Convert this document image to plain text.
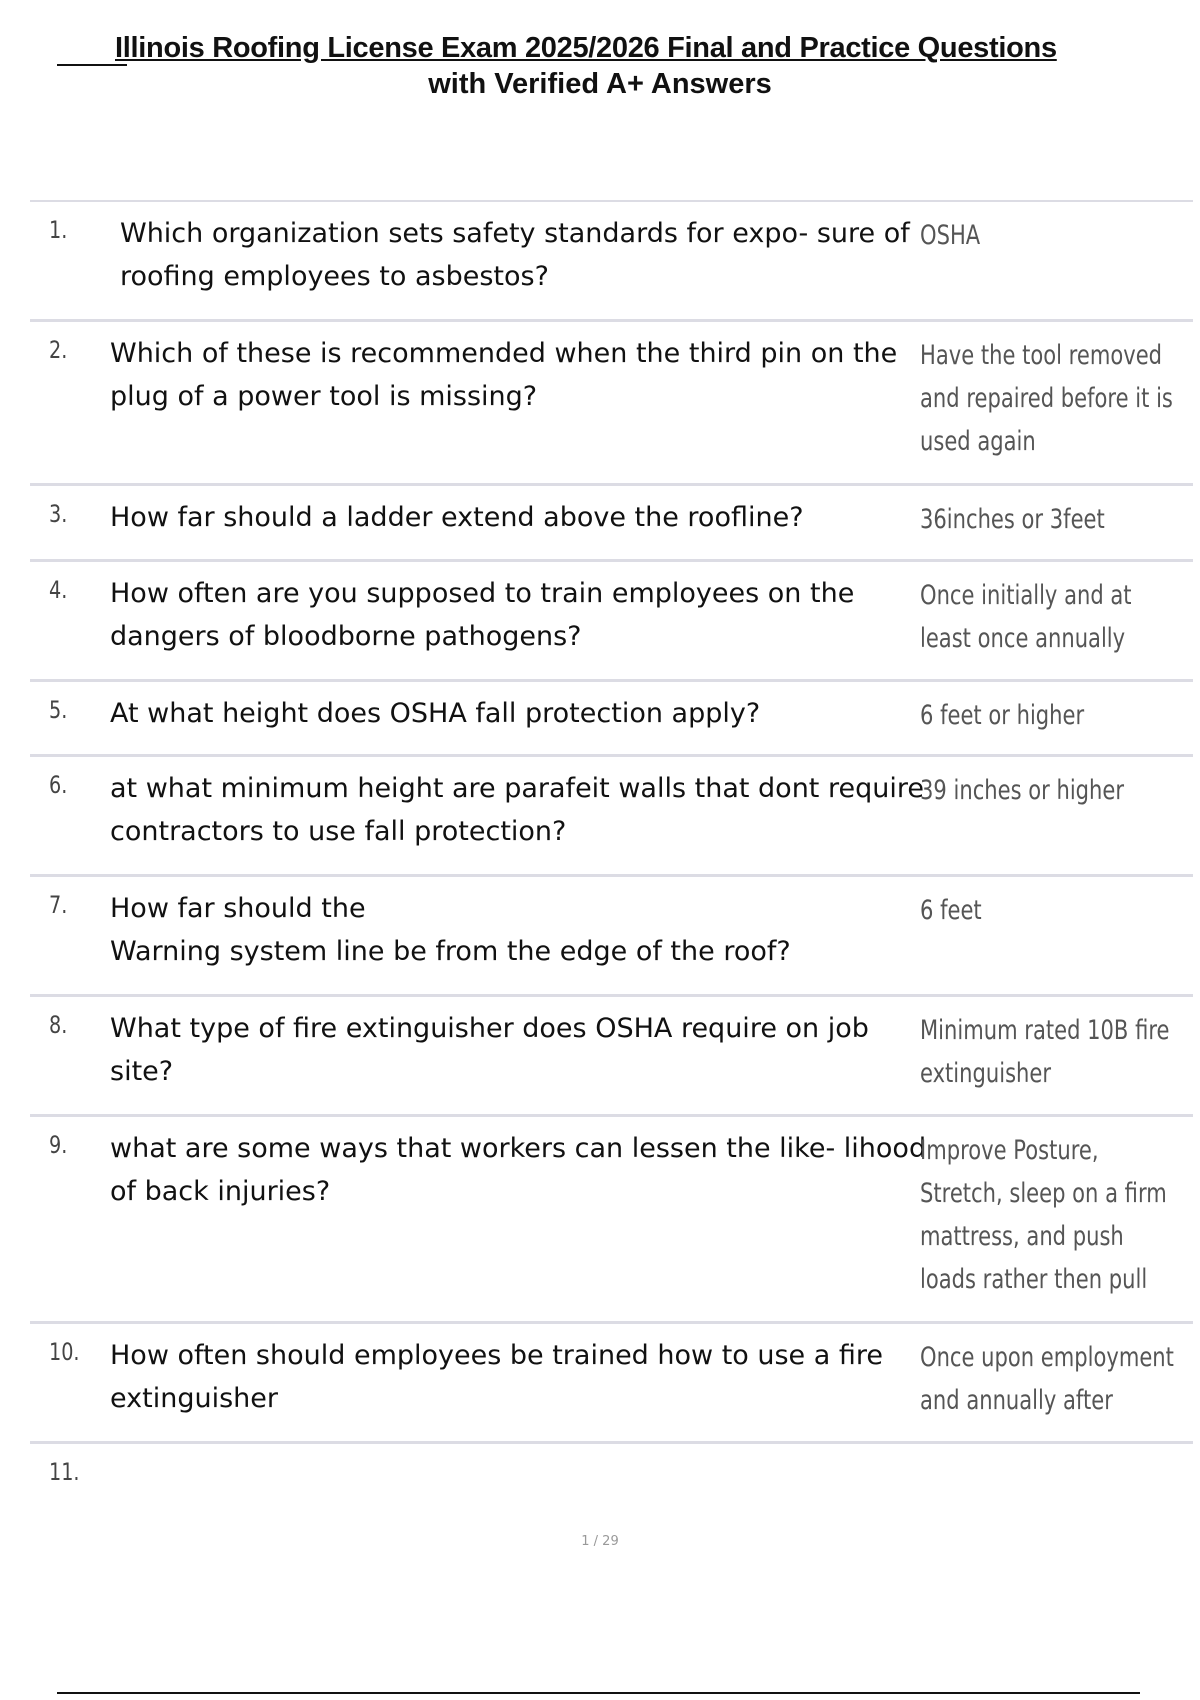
Illinois Roofing License Exam 2025/2026 Final and Practice Questions
with Verified A+ Answers
1. Which organization sets safety standards for expo- sure of roofing employees to asbestos?
OSHA
2. Which of these is recommended when the third pin on the plug of a power tool is missing?
Have the tool removed and repaired before it is used again
3. How far should a ladder extend above the roofline?	36inches or 3feet
4. How often are you supposed to train employees on the dangers of bloodborne pathogens?
Once initially and at least once annually
5. At what height does OSHA fall protection apply?	6 feet or higher
6. at what minimum height are parafeit walls that dont require contractors to use fall protection?
39 inches or higher
7. How far should the
Warning system line be from the edge of the roof?
6 feet
8. What type of fire extinguisher does OSHA require on job site?
Minimum rated 10B fire extinguisher
9. what are some ways that workers can lessen the like- lihood of back injuries?
Improve Posture, Stretch, sleep on a firm mattress, and push loads rather then pull
10. How often should employees be trained how to use a fire extinguisher
Once upon employment and annually after
11.
1 / 29
